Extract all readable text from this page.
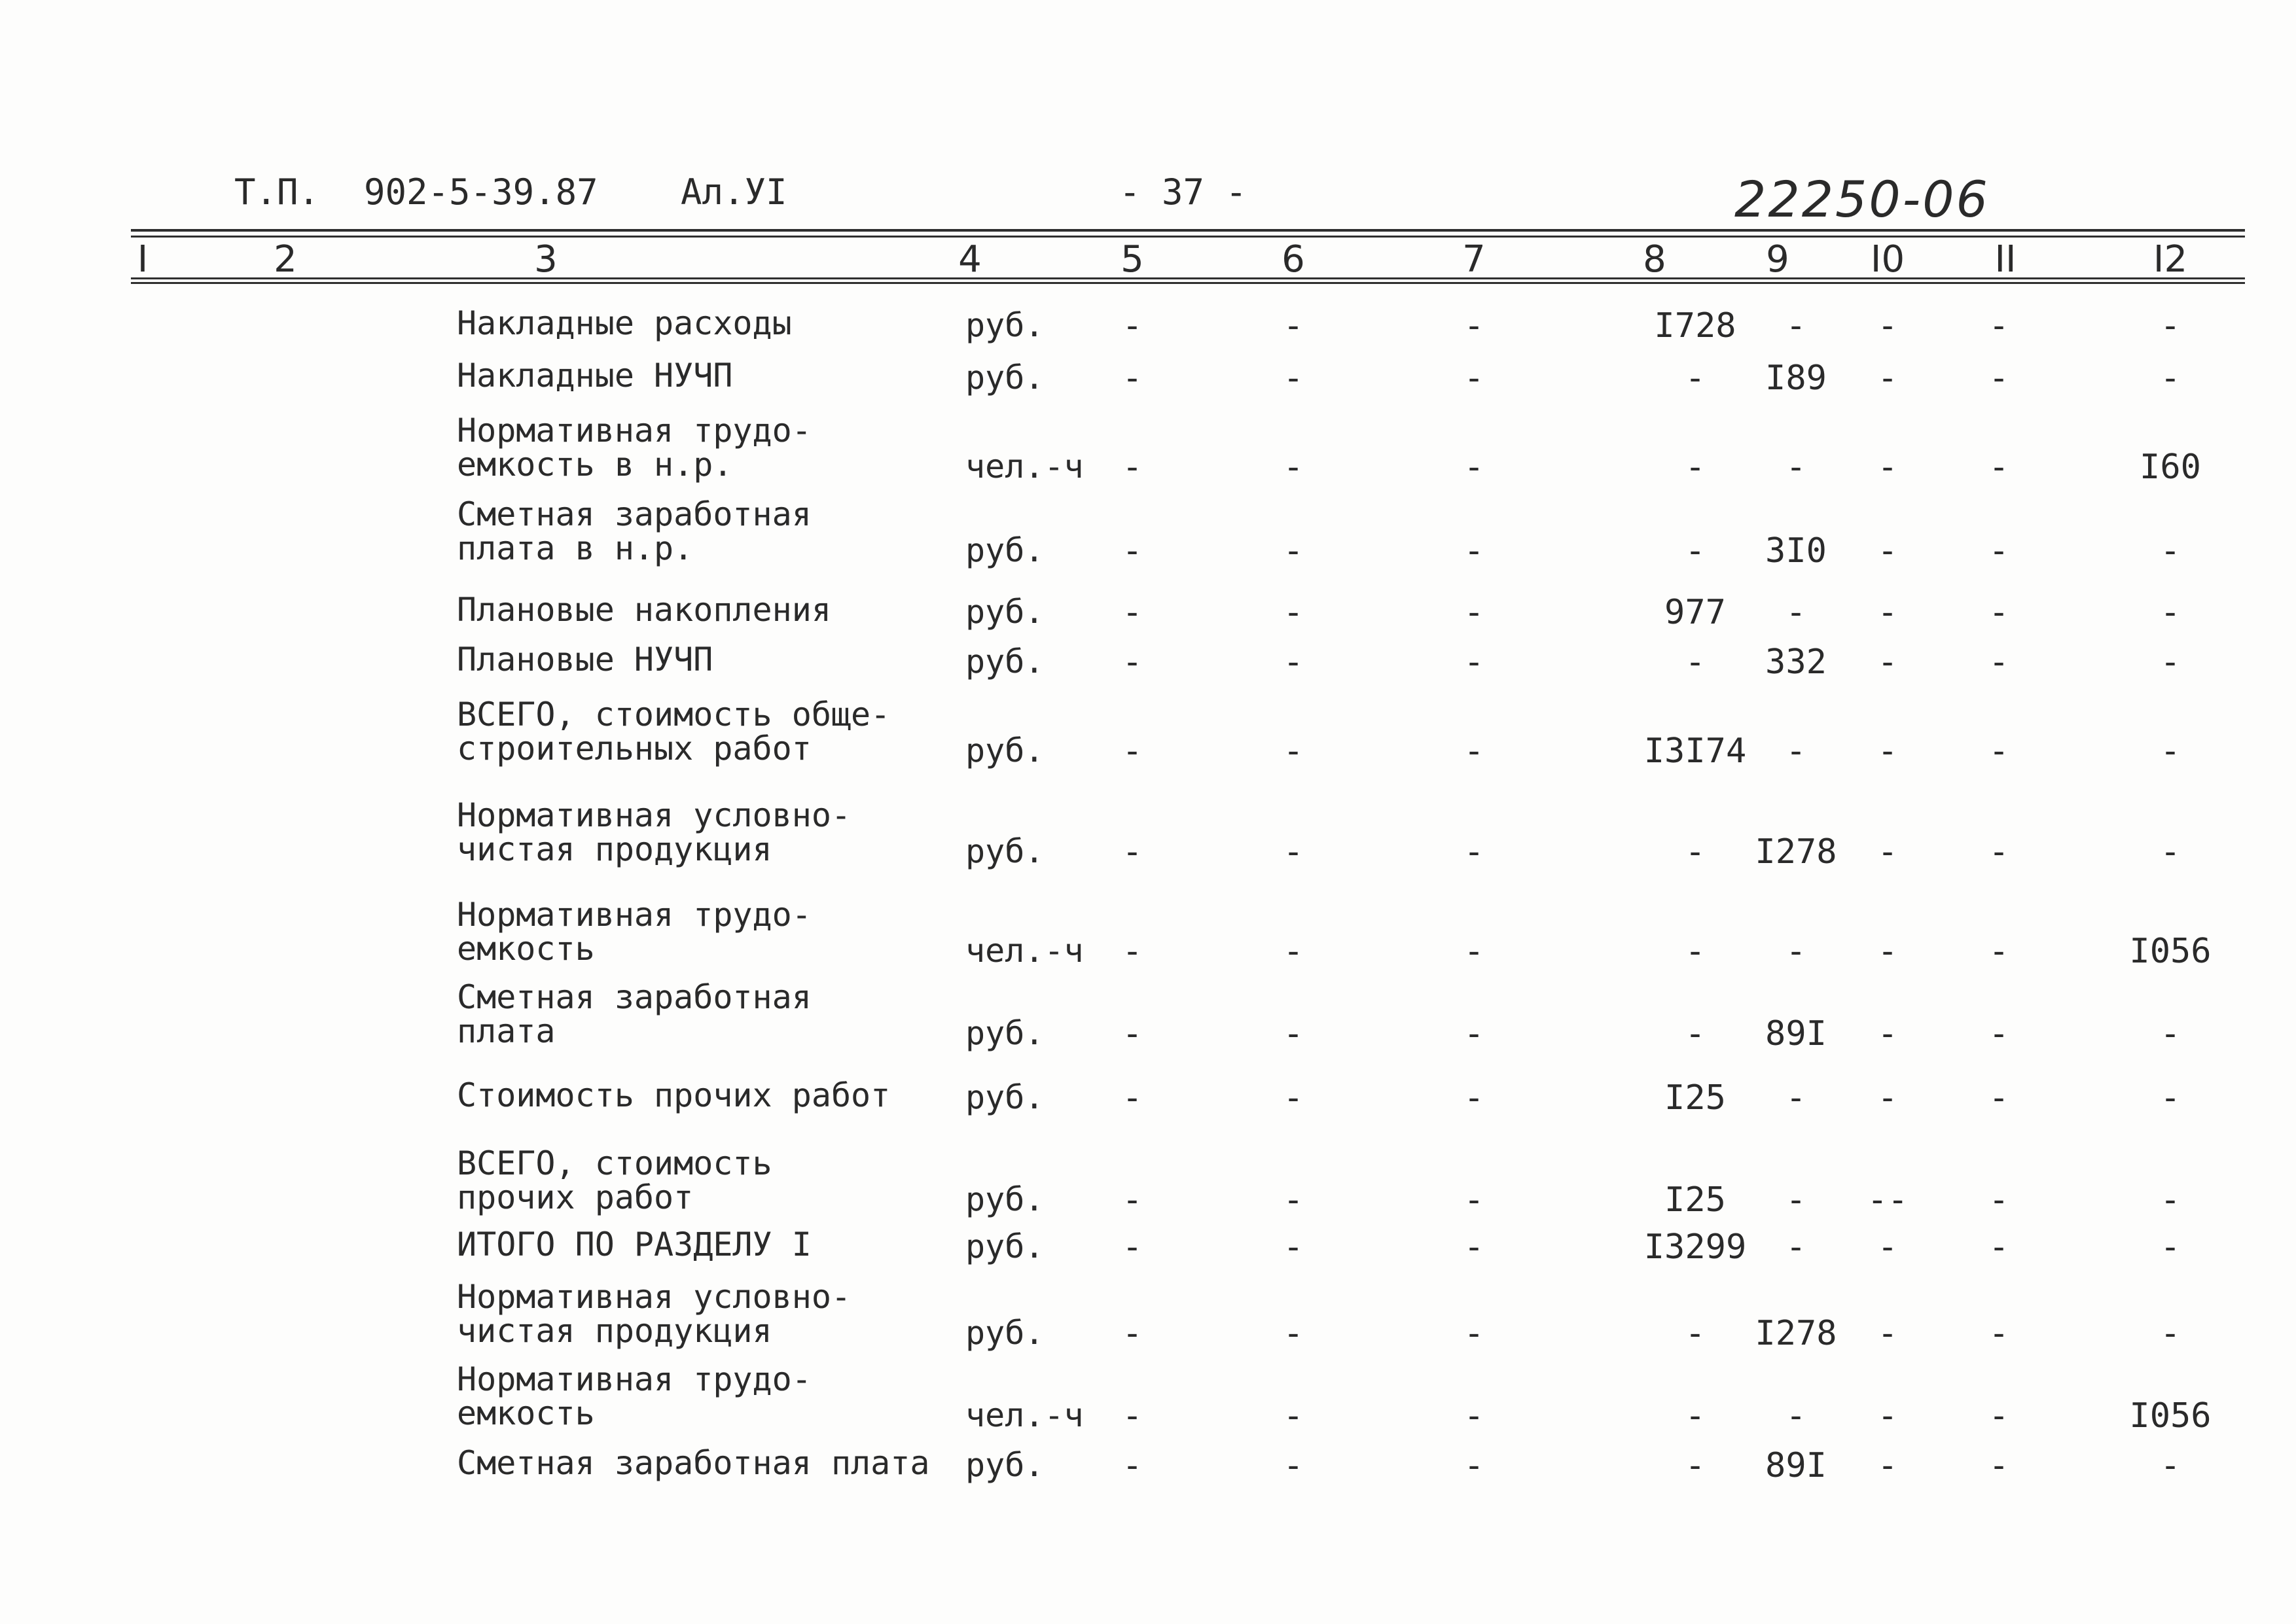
Т.П. 902-5-39.87 Ал.УI	- 37 -	22250-06
I	2	3	4	5	6	7	8	9 I0 II	I2
Накладные расходы	руб. -	-	-	I728 - -	-	-
Накладные НУЧП	руб. -	-	-	- I89 -	-	-
Нормативная трудо-
емкость в н.р.	чел.-ч -	-	-	- - -	-	I60
Сметная заработная
плата в н.р.	руб. -	-	-	- 3I0 -	-	-
Плановые накопления	руб. -	-	-	977 - -	-	-
Плановые НУЧП	руб. -	-	-	- 332 -	-	-
ВСЕГО, стоимость обще-
строительных работ	руб. -	-	-	I3I74 - -	-	-
Нормативная условно-
чистая продукция	руб. -	-	-	- I278 -	-	-
Нормативная трудо-
емкость	чел.-ч -	-	-	- - -	-	I056
Сметная заработная
плата	руб. -	-	-	- 89I -	-	-
Стоимость прочих работ руб. -	-	-	I25 - -	-	-
ВСЕГО, стоимость
прочих работ	руб. -	-	-	I25 - -- -	-
ИТОГО ПО РАЗДЕЛУ I	руб. -	-	-	I3299 - -	-	-
Нормативная условно-
чистая продукция	руб. -	-	-	- I278 -	-	-
Нормативная трудо-
емкость	чел.-ч -	-	-	- - -	-	I056
Сметная заработная плата руб. -	-	-	- 89I -	-	-
